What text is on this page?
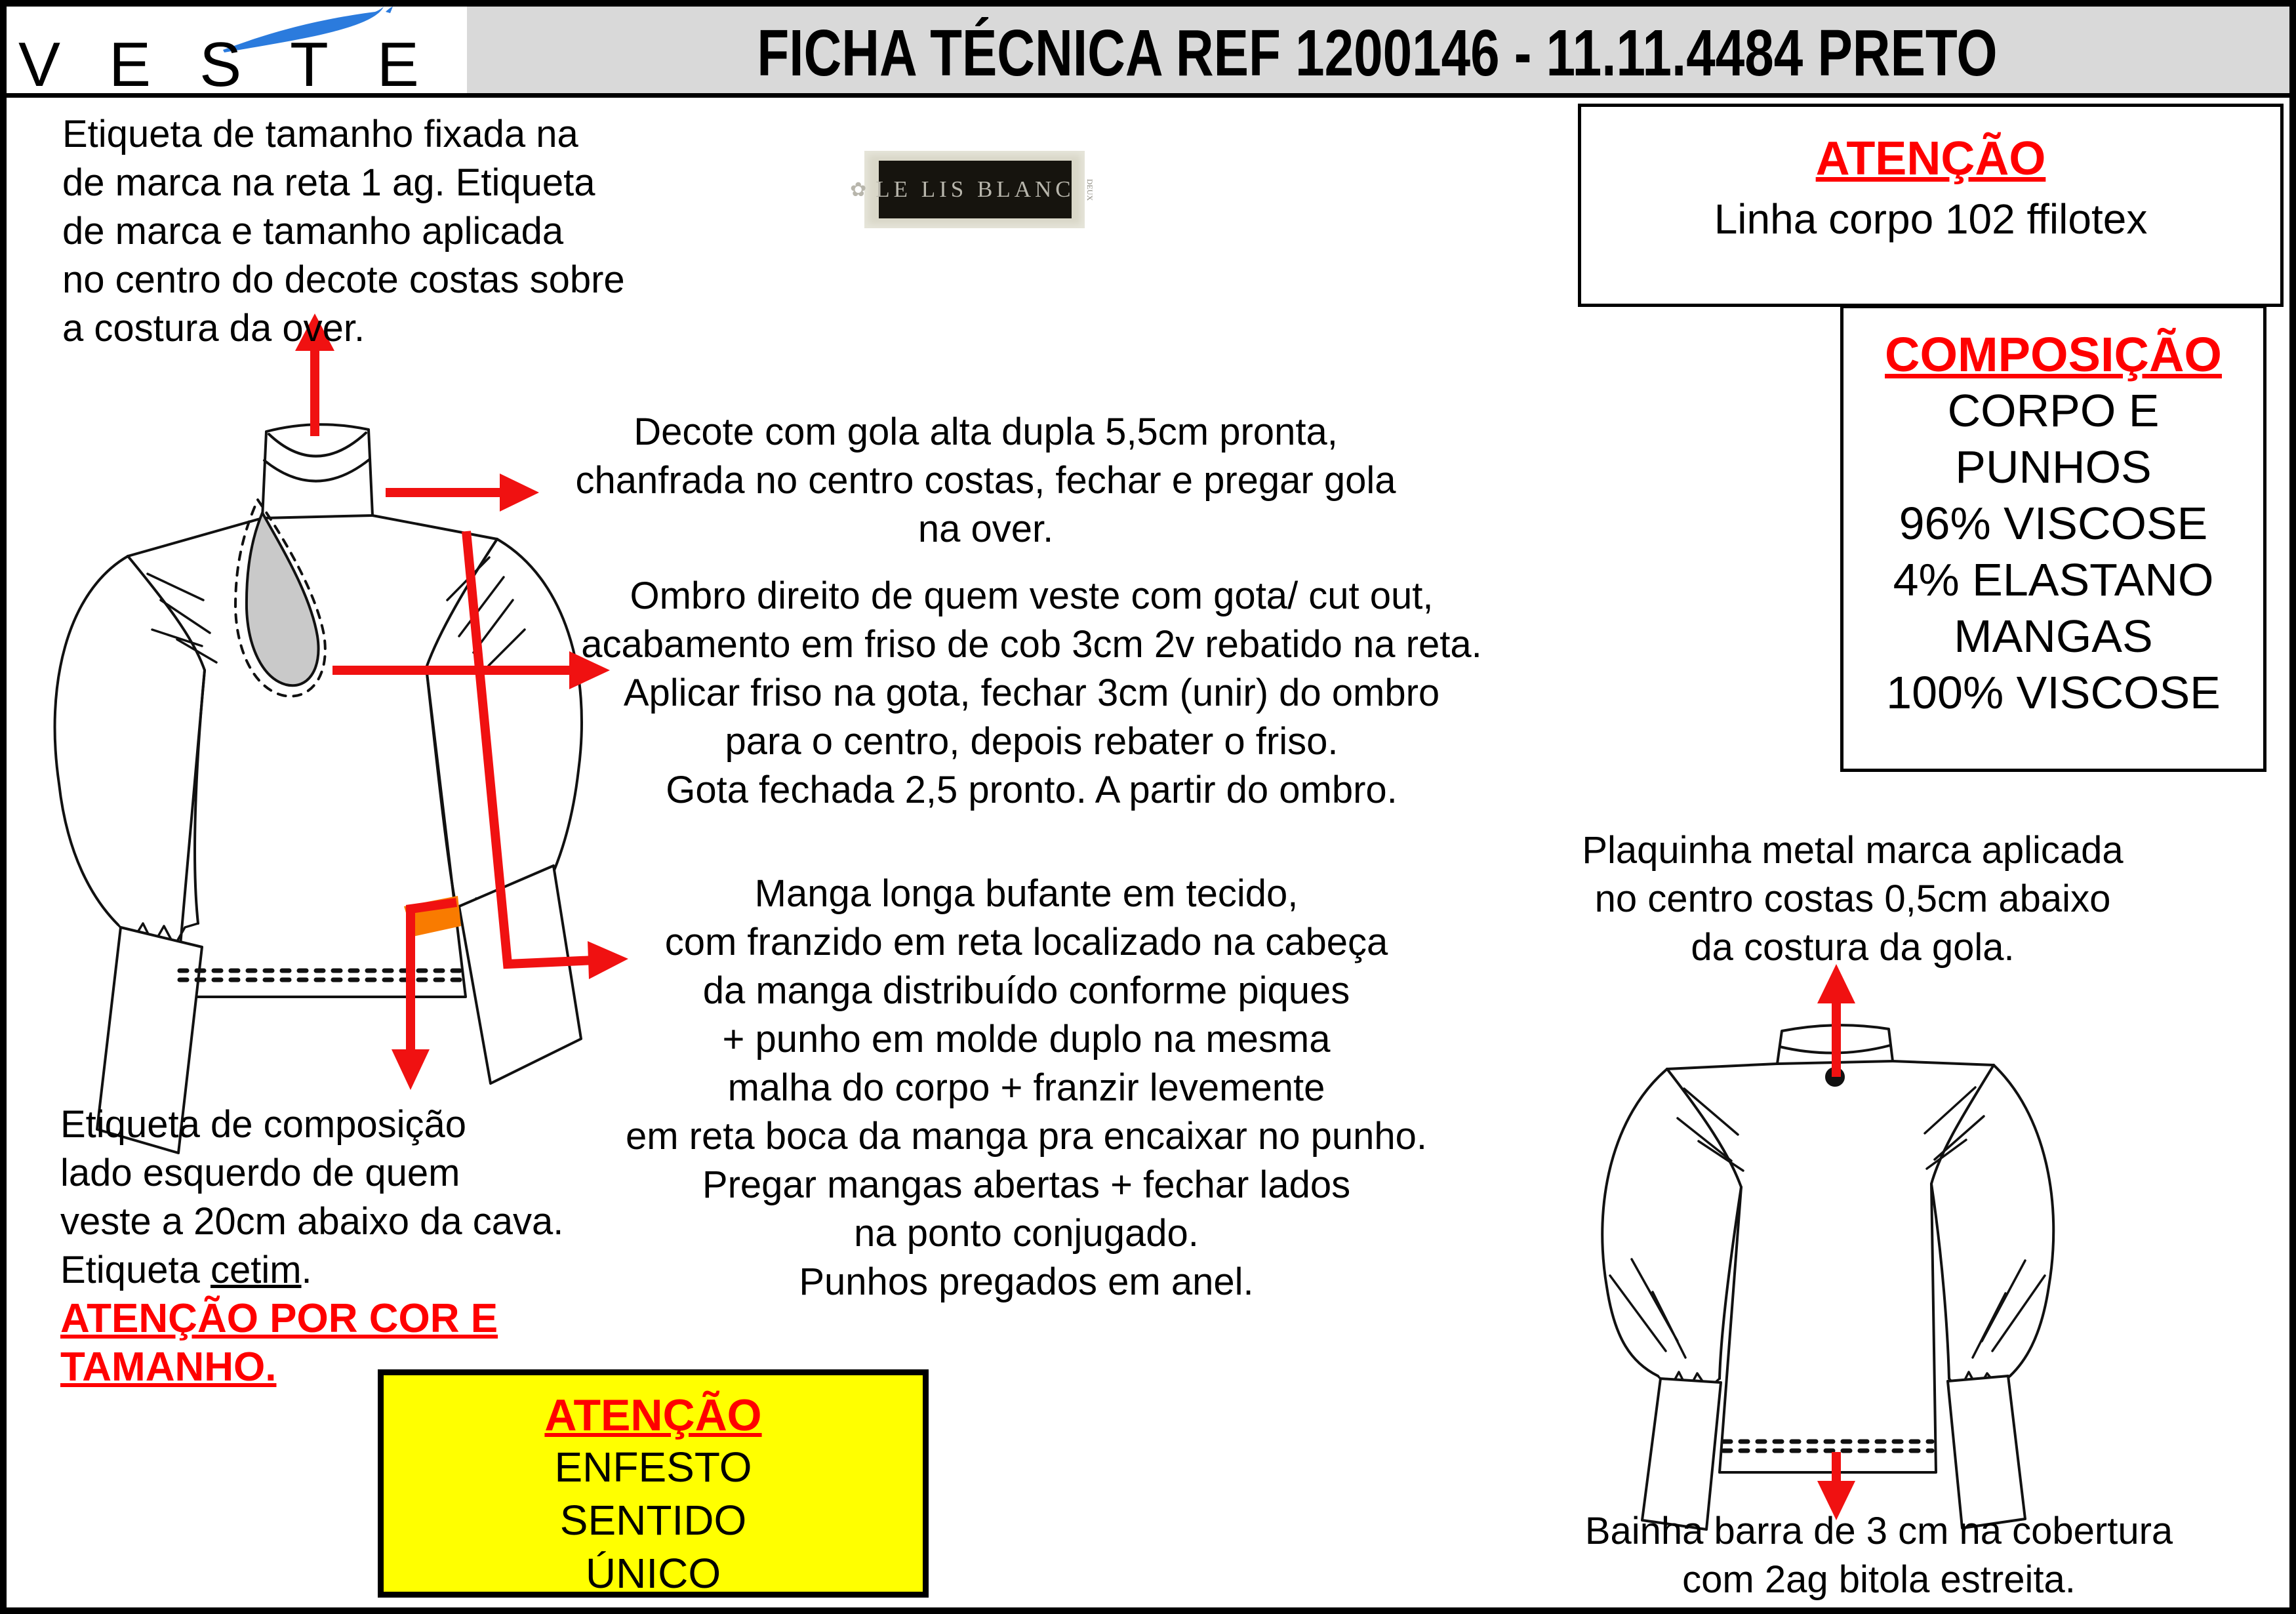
FICHA TÉCNICA REF 1200146 - 11.11.4484 PRETO
VESTE
Etiqueta de tamanho fixada na
de marca na reta 1 ag. Etiqueta
de marca e tamanho aplicada
no centro do decote costas sobre
a costura da over.
Decote com gola alta dupla 5,5cm pronta,
chanfrada no centro costas, fechar e pregar gola
na over.
Ombro direito de quem veste com gota/ cut out,
acabamento em friso de cob 3cm 2v rebatido na reta.
Aplicar friso na gota, fechar 3cm (unir) do ombro
para o centro, depois rebater o friso.
Gota fechada 2,5 pronto. A partir do ombro.
Manga longa bufante em tecido,
com franzido em reta localizado na cabeça
da manga distribuído conforme piques
+ punho em molde duplo na mesma
malha do corpo + franzir levemente
em reta boca da manga pra encaixar no punho.
Pregar mangas abertas + fechar lados
na ponto conjugado.
Punhos pregados em anel.
Etiqueta de composição
lado esquerdo de quem
veste a 20cm abaixo da cava.
Etiqueta cetim.
ATENÇÃO POR COR E
TAMANHO.
Plaquinha metal marca aplicada
no centro costas 0,5cm abaixo
da costura da gola.
Bainha barra de 3 cm na cobertura
com 2ag bitola estreita.
ATENÇÃO
Linha corpo 102 ffilotex
COMPOSIÇÃO
CORPO E
PUNHOS
96% VISCOSE
4% ELASTANO
MANGAS
100% VISCOSE
ATENÇÃO
ENFESTO
SENTIDO
ÚNICO
✿ LE LIS BLANC DEUX
